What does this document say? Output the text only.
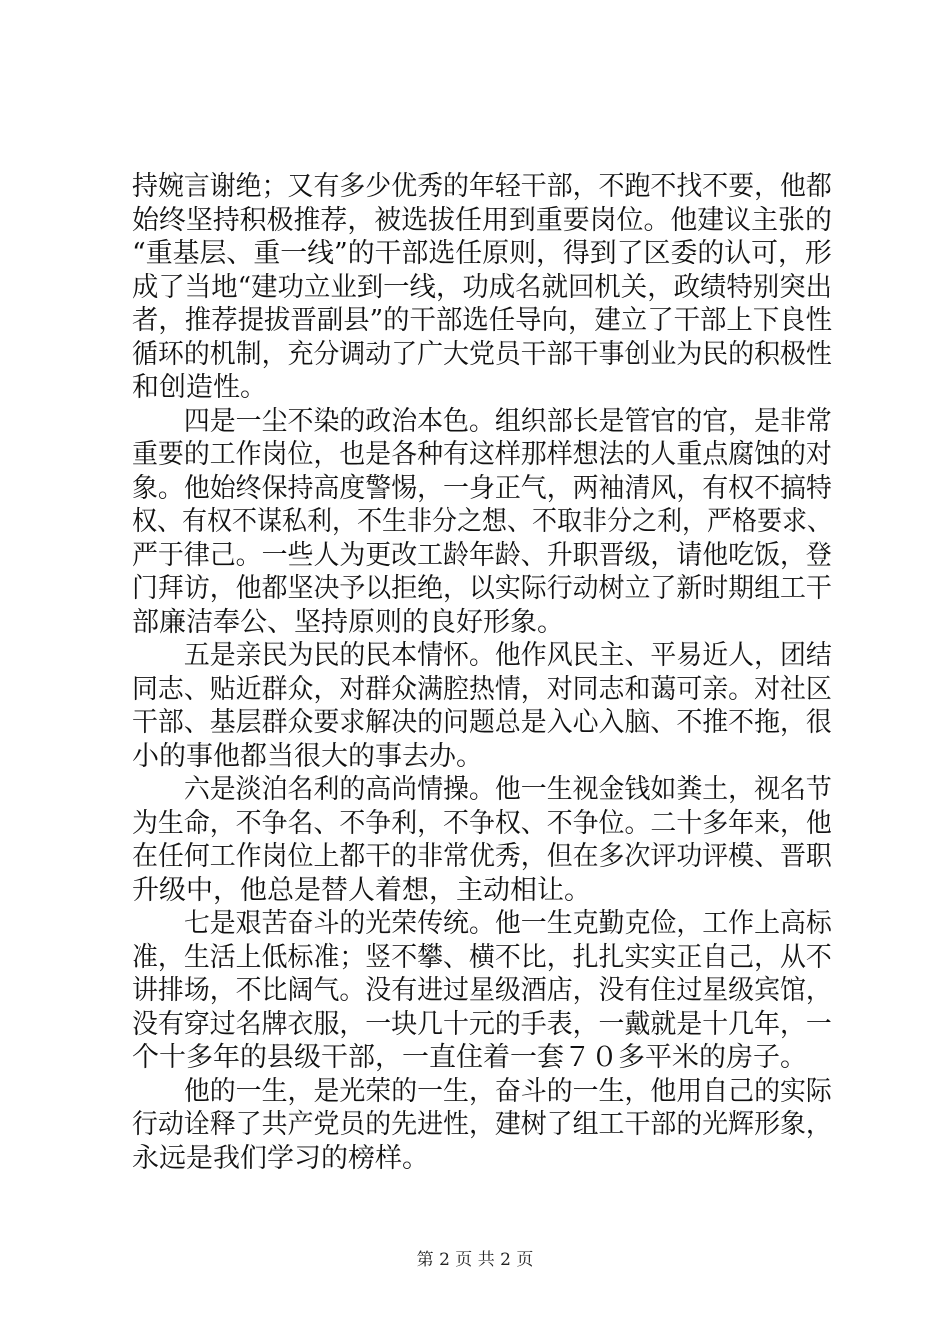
持婉言谢绝；又有多少优秀的年轻干部，不跑不找不要，他都
始终坚持积极推荐，被选拔任用到重要岗位。他建议主张的
“重基层、重一线”的干部选任原则，得到了区委的认可，形
成了当地“建功立业到一线，功成名就回机关，政绩特别突出
者，推荐提拔晋副县”的干部选任导向，建立了干部上下良性
循环的机制，充分调动了广大党员干部干事创业为民的积极性
和创造性。
　　四是一尘不染的政治本色。组织部长是管官的官，是非常
重要的工作岗位，也是各种有这样那样想法的人重点腐蚀的对
象。他始终保持高度警惕，一身正气，两袖清风，有权不搞特
权、有权不谋私利，不生非分之想、不取非分之利，严格要求、
严于律己。一些人为更改工龄年龄、升职晋级，请他吃饭，登
门拜访，他都坚决予以拒绝，以实际行动树立了新时期组工干
部廉洁奉公、坚持原则的良好形象。
　　五是亲民为民的民本情怀。他作风民主、平易近人，团结
同志、贴近群众，对群众满腔热情，对同志和蔼可亲。对社区
干部、基层群众要求解决的问题总是入心入脑、不推不拖，很
小的事他都当很大的事去办。
　　六是淡泊名利的高尚情操。他一生视金钱如粪土，视名节
为生命，不争名、不争利，不争权、不争位。二十多年来，他
在任何工作岗位上都干的非常优秀，但在多次评功评模、晋职
升级中，他总是替人着想，主动相让。
　　七是艰苦奋斗的光荣传统。他一生克勤克俭，工作上高标
准，生活上低标准；竖不攀、横不比，扎扎实实正自己，从不
讲排场，不比阔气。没有进过星级酒店，没有住过星级宾馆，
没有穿过名牌衣服，一块几十元的手表，一戴就是十几年，一
个十多年的县级干部，一直住着一套７０多平米的房子。
　　他的一生，是光荣的一生，奋斗的一生，他用自己的实际
行动诠释了共产党员的先进性，建树了组工干部的光辉形象，
永远是我们学习的榜样。
第 2 页 共 2 页
